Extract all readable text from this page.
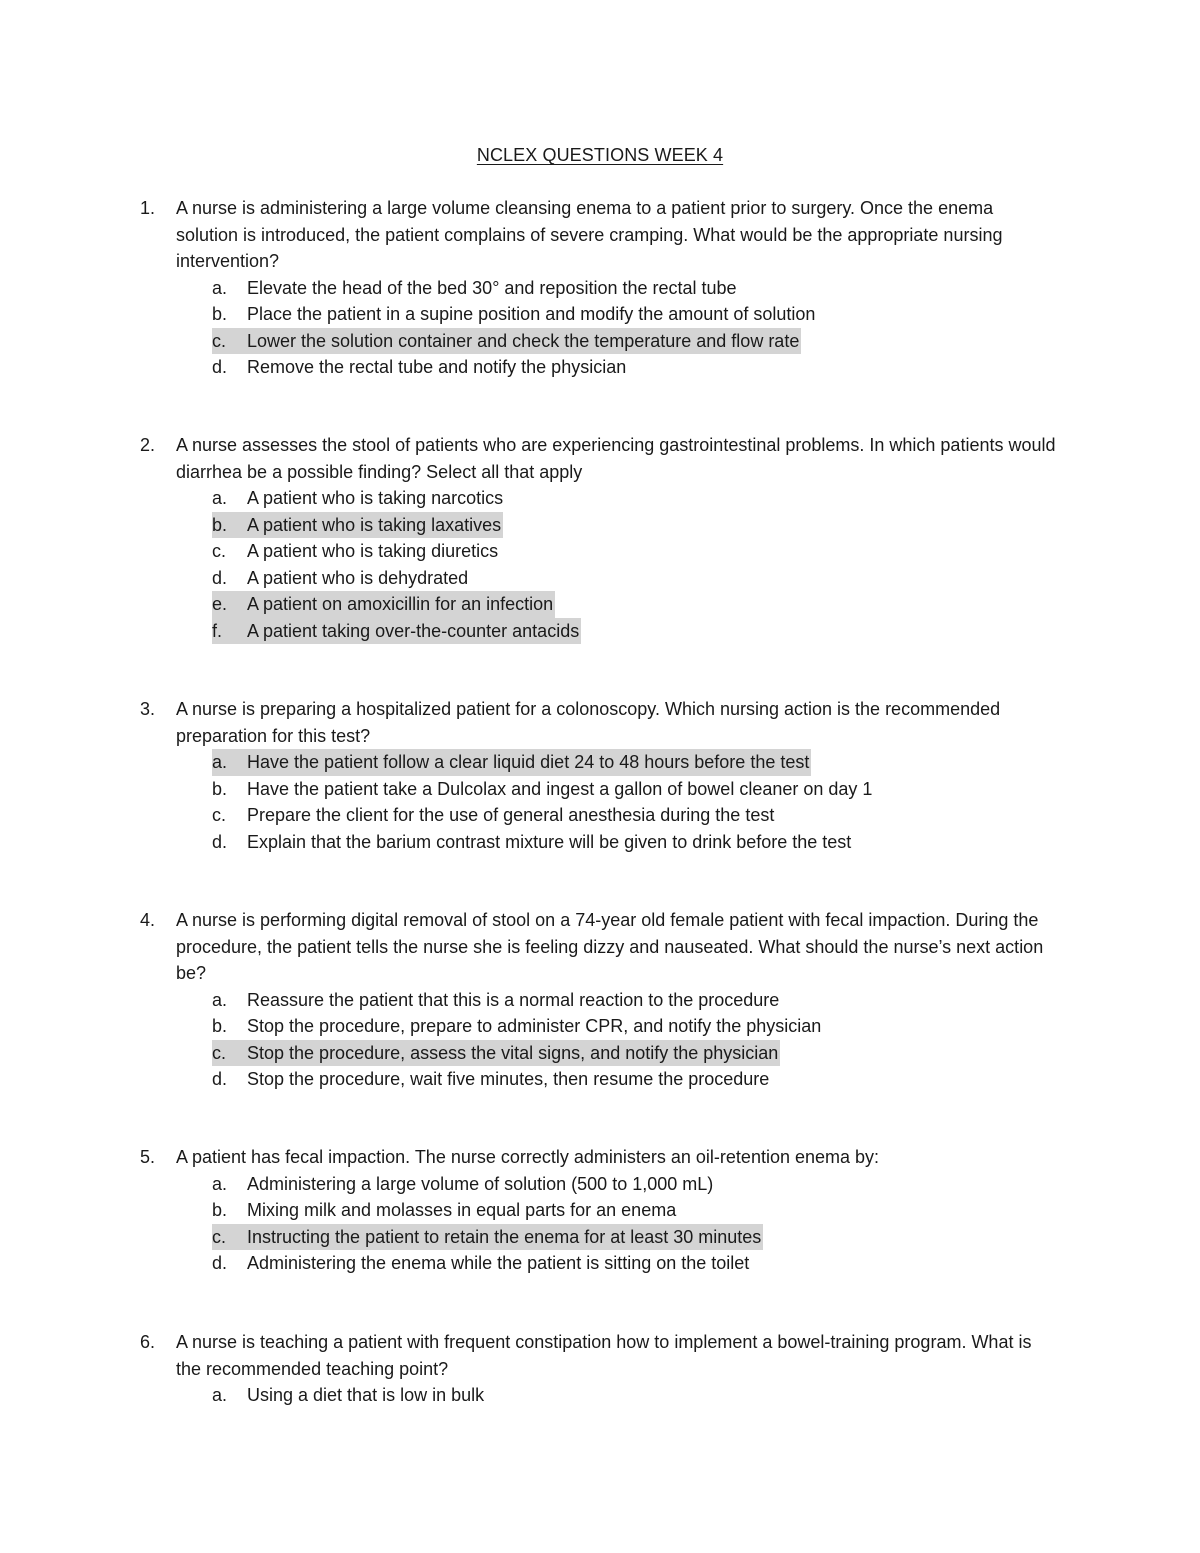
NCLEX QUESTIONS WEEK 4
1.	A nurse is administering a large volume cleansing enema to a patient prior to surgery. Once the enema solution is introduced, the patient complains of severe cramping. What would be the appropriate nursing intervention?
a. Elevate the head of the bed 30° and reposition the rectal tube
b. Place the patient in a supine position and modify the amount of solution
c. Lower the solution container and check the temperature and flow rate
d. Remove the rectal tube and notify the physician
2.	A nurse assesses the stool of patients who are experiencing gastrointestinal problems. In which patients would diarrhea be a possible finding? Select all that apply
a. A patient who is taking narcotics
b. A patient who is taking laxatives
c. A patient who is taking diuretics
d. A patient who is dehydrated
e. A patient on amoxicillin for an infection
f. A patient taking over-the-counter antacids
3.	A nurse is preparing a hospitalized patient for a colonoscopy. Which nursing action is the recommended preparation for this test?
a. Have the patient follow a clear liquid diet 24 to 48 hours before the test
b. Have the patient take a Dulcolax and ingest a gallon of bowel cleaner on day 1
c. Prepare the client for the use of general anesthesia during the test
d. Explain that the barium contrast mixture will be given to drink before the test
4.	A nurse is performing digital removal of stool on a 74-year old female patient with fecal impaction. During the procedure, the patient tells the nurse she is feeling dizzy and nauseated. What should the nurse’s next action be?
a. Reassure the patient that this is a normal reaction to the procedure
b. Stop the procedure, prepare to administer CPR, and notify the physician
c. Stop the procedure, assess the vital signs, and notify the physician
d. Stop the procedure, wait five minutes, then resume the procedure
5.	A patient has fecal impaction. The nurse correctly administers an oil-retention enema by:
a. Administering a large volume of solution (500 to 1,000 mL)
b. Mixing milk and molasses in equal parts for an enema
c. Instructing the patient to retain the enema for at least 30 minutes
d. Administering the enema while the patient is sitting on the toilet
6.	A nurse is teaching a patient with frequent constipation how to implement a bowel-training program. What is the recommended teaching point?
a. Using a diet that is low in bulk
